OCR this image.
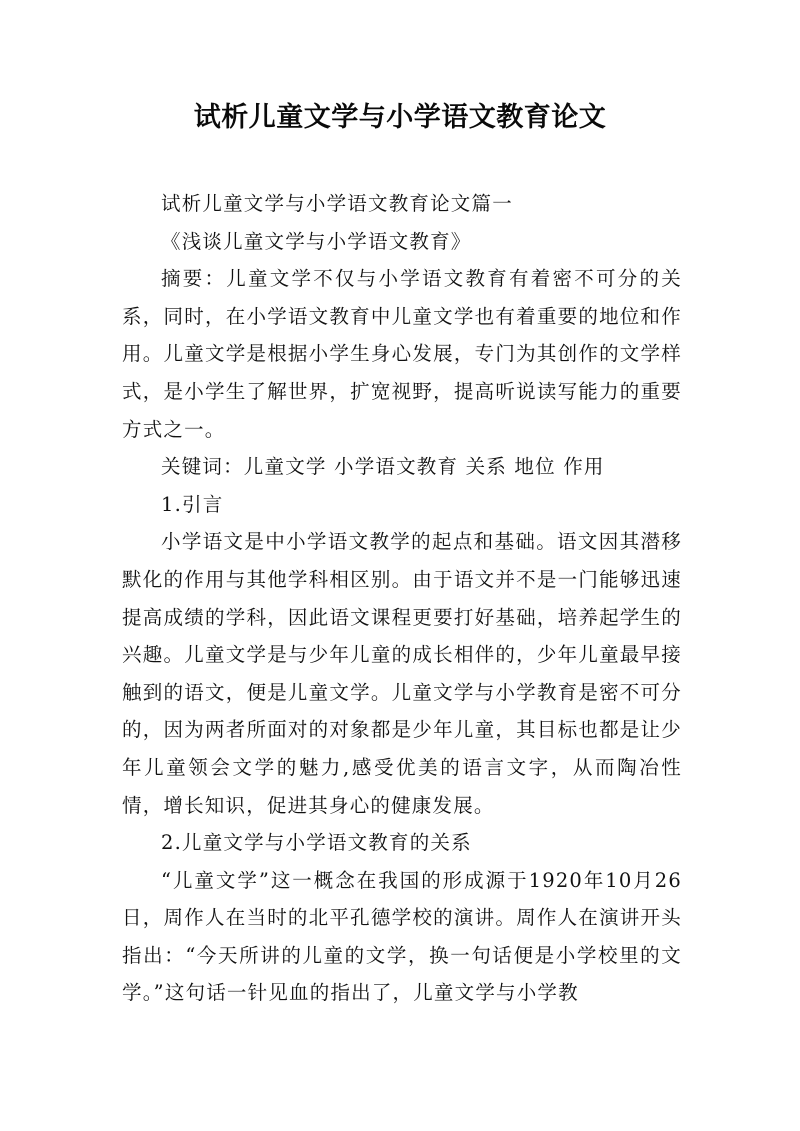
试析儿童文学与小学语文教育论文

试析儿童文学与小学语文教育论文篇一

《浅谈儿童文学与小学语文教育》

摘要：儿童文学不仅与小学语文教育有着密不可分的关系，同时，在小学语文教育中儿童文学也有着重要的地位和作用。儿童文学是根据小学生身心发展，专门为其创作的文学样式，是小学生了解世界，扩宽视野，提高听说读写能力的重要方式之一。

关键词：儿童文学 小学语文教育 关系 地位 作用

1.引言

小学语文是中小学语文教学的起点和基础。语文因其潜移默化的作用与其他学科相区别。由于语文并不是一门能够迅速提高成绩的学科，因此语文课程更要打好基础，培养起学生的兴趣。儿童文学是与少年儿童的成长相伴的，少年儿童最早接触到的语文，便是儿童文学。儿童文学与小学教育是密不可分的，因为两者所面对的对象都是少年儿童，其目标也都是让少年儿童领会文学的魅力,感受优美的语言文字，从而陶冶性情，增长知识，促进其身心的健康发展。

2.儿童文学与小学语文教育的关系

“儿童文学”这一概念在我国的形成源于1920年10月26日，周作人在当时的北平孔德学校的演讲。周作人在演讲开头指出：“今天所讲的儿童的文学，换一句话便是小学校里的文学。”这句话一针见血的指出了，儿童文学与小学教
